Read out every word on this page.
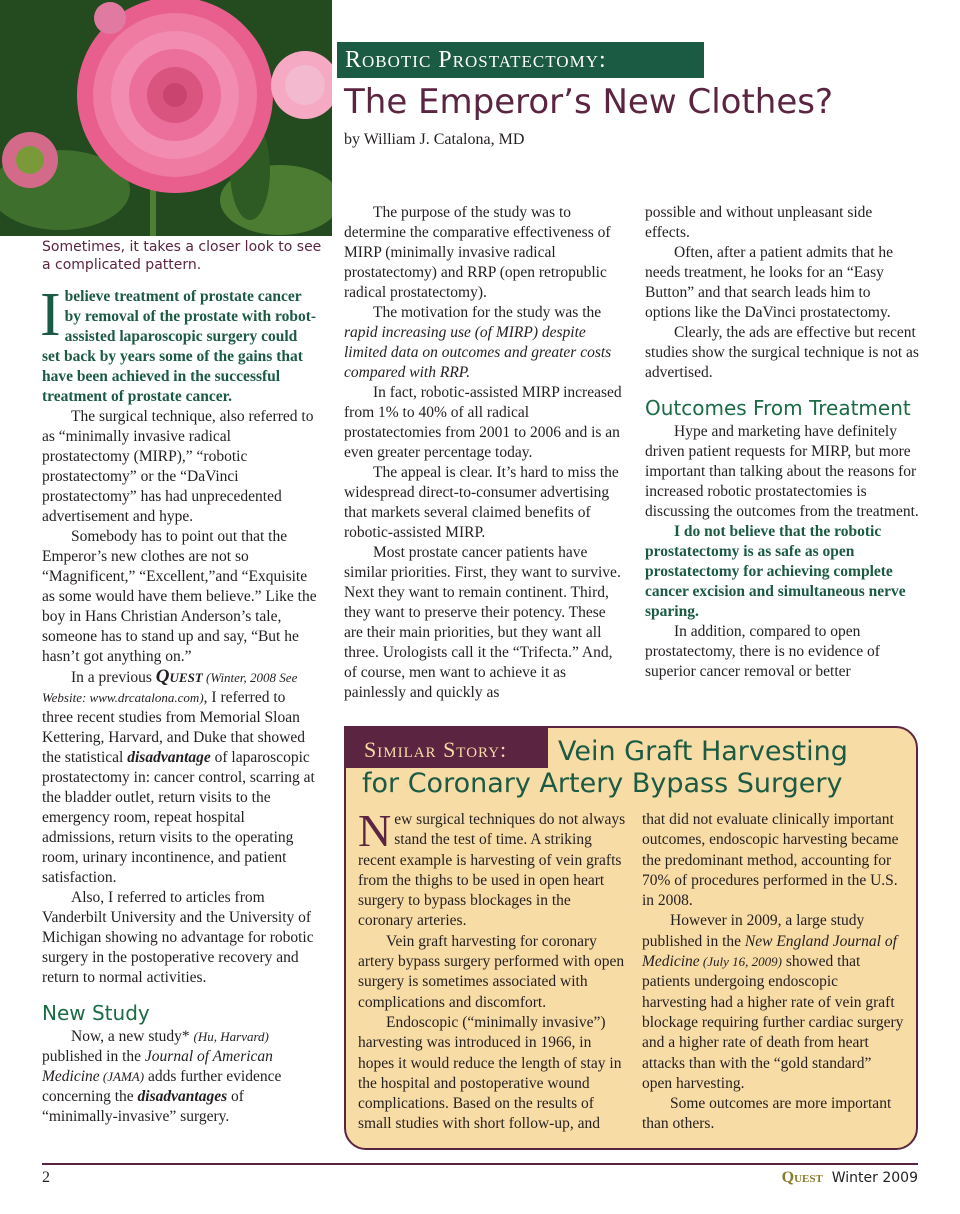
Sometimes, it takes a closer look to see a complicated pattern.
Robotic Prostatectomy:
The Emperor’s New Clothes?
by William J. Catalona, MD

Ibelieve treatment of prostate cancer by removal of the prostate with robot-assisted laparoscopic surgery could set back by years some of the gains that have been achieved in the successful treatment of prostate cancer.

The surgical technique, also referred to as “minimally invasive radical prostatectomy (MIRP),” “robotic prostatectomy” or the “DaVinci prostatectomy” has had unprecedented advertisement and hype.

Somebody has to point out that the Emperor’s new clothes are not so “Magnificent,” “Excellent,”and “Exquisite as some would have them believe.” Like the boy in Hans Christian Anderson’s tale, someone has to stand up and say, “But he hasn’t got anything on.”

In a previous Quest (Winter, 2008 See Website: www.drcatalona.com), I referred to three recent studies from Memorial Sloan Kettering, Harvard, and Duke that showed the statistical disadvantage of laparoscopic prostatectomy in: cancer control, scarring at the bladder outlet, return visits to the emergency room, repeat hospital admissions, return visits to the operating room, urinary incontinence, and patient satisfaction.

Also, I referred to articles from Vanderbilt University and the University of Michigan showing no advantage for robotic surgery in the postoperative recovery and return to normal activities.

New Study

Now, a new study* (Hu, Harvard) published in the Journal of American Medicine (JAMA) adds further evidence concerning the disadvantages of “minimally-invasive” surgery.

The purpose of the study was to determine the comparative effectiveness of MIRP (minimally invasive radical prostatectomy) and RRP (open retropublic radical prostatectomy).

The motivation for the study was the rapid increasing use (of MIRP) despite limited data on outcomes and greater costs compared with RRP.

In fact, robotic-assisted MIRP increased from 1% to 40% of all radical prostatectomies from 2001 to 2006 and is an even greater percentage today.

The appeal is clear. It’s hard to miss the widespread direct-to-consumer advertising that markets several claimed benefits of robotic-assisted MIRP.

Most prostate cancer patients have similar priorities. First, they want to survive. Next they want to remain continent. Third, they want to preserve their potency. These are their main priorities, but they want all three. Urologists call it the “Trifecta.” And, of course, men want to achieve it as painlessly and quickly as

possible and without unpleasant side effects.

Often, after a patient admits that he needs treatment, he looks for an “Easy Button” and that search leads him to options like the DaVinci prostatectomy.

Clearly, the ads are effective but recent studies show the surgical technique is not as advertised.

Outcomes From Treatment

Hype and marketing have definitely driven patient requests for MIRP, but more important than talking about the reasons for increased robotic prostatectomies is discussing the outcomes from the treatment.

I do not believe that the robotic prostatectomy is as safe as open prostatectomy for achieving complete cancer excision and simultaneous nerve sparing.

In addition, compared to open prostatectomy, there is no evidence of superior cancer removal or better

Similar Story:	Vein Graft Harvesting
for Coronary Artery Bypass Surgery

New surgical techniques do not always stand the test of time. A striking recent example is harvesting of vein grafts from the thighs to be used in open heart surgery to bypass blockages in the coronary arteries.

Vein graft harvesting for coronary artery bypass surgery performed with open surgery is sometimes associated with complications and discomfort.

Endoscopic (“minimally invasive”) harvesting was introduced in 1966, in hopes it would reduce the length of stay in the hospital and postoperative wound complications. Based on the results of small studies with short follow-up, and

that did not evaluate clinically important outcomes, endoscopic harvesting became the predominant method, accounting for 70% of procedures performed in the U.S. in 2008.

However in 2009, a large study published in the New England Journal of Medicine (July 16, 2009) showed that patients undergoing endoscopic harvesting had a higher rate of vein graft blockage requiring further cardiac surgery and a higher rate of death from heart attacks than with the “gold standard” open harvesting.

Some outcomes are more important than others.

2	Quest Winter 2009
